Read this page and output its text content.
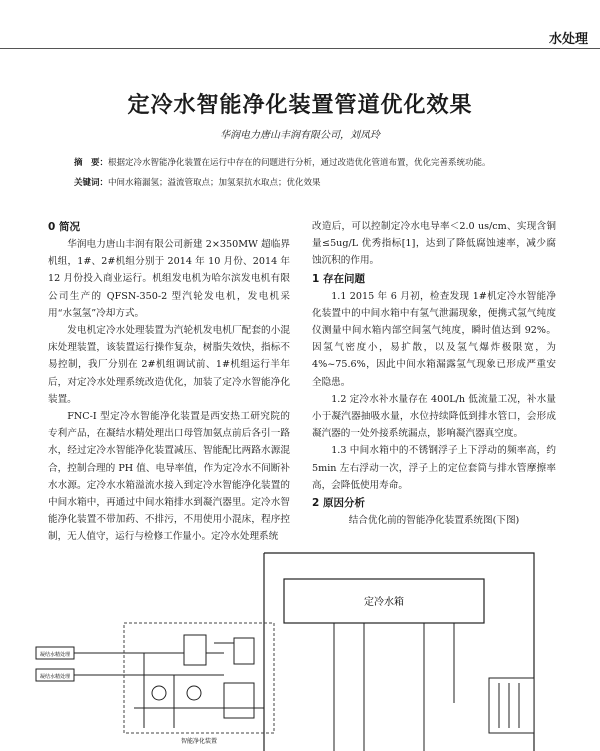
水处理
定冷水智能净化装置管道优化效果
华润电力唐山丰润有限公司，刘凤玲
摘　要：根据定冷水智能净化装置在运行中存在的问题进行分析，通过改造优化管道布置，优化完善系统功能。
关键词：中间水箱漏氢；溢流管取点；加氢泵抗水取点；优化效果
0 简况

华润电力唐山丰润有限公司新建 2×350MW 超临界机组，1#、2#机组分别于 2014 年 10 月份、2014 年 12 月份投入商业运行。机组发电机为哈尔滨发电机有限公司生产的 QFSN-350-2 型汽轮发电机，发电机采用“水氢氢”冷却方式。

发电机定冷水处理装置为汽轮机发电机厂配套的小混床处理装置，该装置运行操作复杂，树脂失效快，指标不易控制，我厂分别在 2#机组调试前、1#机组运行半年后，对定冷水处理系统改造优化，加装了定冷水智能净化装置。

FNC-I 型定冷水智能净化装置是西安热工研究院的专利产品，在凝结水精处理出口母管加氨点前后各引一路水，经过定冷水智能净化装置减压、智能配比两路水源混合，控制合理的 PH 值、电导率值，作为定冷水不间断补水水源。定冷水水箱溢流水接入到定冷水智能净化装置的中间水箱中，再通过中间水箱排水到凝汽器里。定冷水智能净化装置不带加药、不排污，不用使用小混床，程序控制，无人值守，运行与检修工作量小。定冷水处理系统

改造后，可以控制定冷水电导率＜2.0 us/cm、实现含铜量≤5ug/L 优秀指标[1]，达到了降低腐蚀速率，减少腐蚀沉积的作用。

1 存在问题

1.1 2015 年 6 月初，检查发现 1#机定冷水智能净化装置中的中间水箱中有氢气泄漏现象，便携式氢气纯度仪测量中间水箱内部空间氢气纯度，瞬时值达到 92%。因氢气密度小，易扩散，以及氢气爆炸极限宽，为 4%~75.6%，因此中间水箱漏露氢气现象已形成严重安全隐患。

1.2 定冷水补水量存在 400L/h 低流量工况，补水量小于凝汽器抽吸水量，水位持续降低到排水管口，会形成凝汽器的一处外接系统漏点，影响凝汽器真空度。

1.3 中间水箱中的不锈钢浮子上下浮动的频率高，约 5min 左右浮动一次，浮子上的定位套筒与排水管摩擦率高，会降低使用寿命。

2 原因分析

结合优化前的智能净化装置系统图(下图)

定冷水箱
凝结水精处理
凝结水精处理
智能净化装置
